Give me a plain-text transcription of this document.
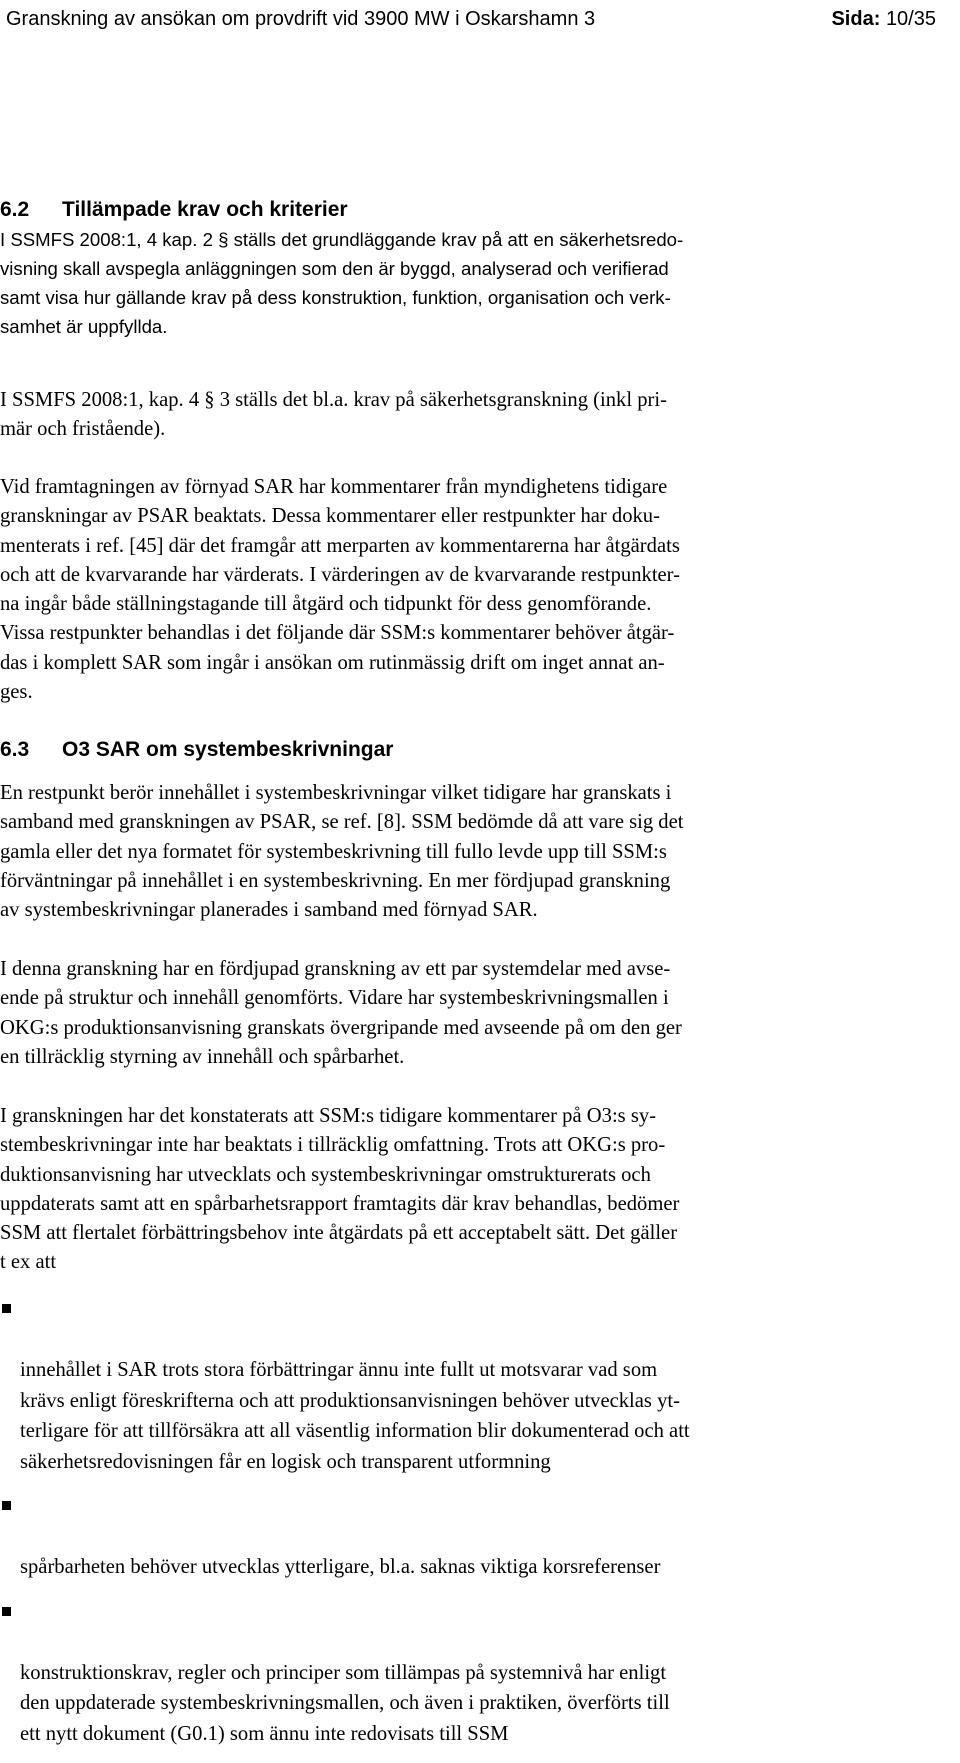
Granskning av ansökan om provdrift vid 3900 MW i Oskarshamn 3	Sida: 10/35
6.2 Tillämpade krav och kriterier

I SSMFS 2008:1, 4 kap. 2 § ställs det grundläggande krav på att en säkerhetsredo-
visning skall avspegla anläggningen som den är byggd, analyserad och verifierad
samt visa hur gällande krav på dess konstruktion, funktion, organisation och verk-
samhet är uppfyllda.

I SSMFS 2008:1, kap. 4 § 3 ställs det bl.a. krav på säkerhetsgranskning (inkl pri-
mär och fristående).

Vid framtagningen av förnyad SAR har kommentarer från myndighetens tidigare
granskningar av PSAR beaktats. Dessa kommentarer eller restpunkter har doku-
menterats i ref. [45] där det framgår att merparten av kommentarerna har åtgärdats
och att de kvarvarande har värderats. I värderingen av de kvarvarande restpunkter-
na ingår både ställningstagande till åtgärd och tidpunkt för dess genomförande.
Vissa restpunkter behandlas i det följande där SSM:s kommentarer behöver åtgär-
das i komplett SAR som ingår i ansökan om rutinmässig drift om inget annat an-
ges.

6.3 O3 SAR om systembeskrivningar

En restpunkt berör innehållet i systembeskrivningar vilket tidigare har granskats i
samband med granskningen av PSAR, se ref. [8]. SSM bedömde då att vare sig det
gamla eller det nya formatet för systembeskrivning till fullo levde upp till SSM:s
förväntningar på innehållet i en systembeskrivning. En mer fördjupad granskning
av systembeskrivningar planerades i samband med förnyad SAR.

I denna granskning har en fördjupad granskning av ett par systemdelar med avse-
ende på struktur och innehåll genomförts. Vidare har systembeskrivningsmallen i
OKG:s produktionsanvisning granskats övergripande med avseende på om den ger
en tillräcklig styrning av innehåll och spårbarhet.

I granskningen har det konstaterats att SSM:s tidigare kommentarer på O3:s sy-
stembeskrivningar inte har beaktats i tillräcklig omfattning. Trots att OKG:s pro-
duktionsanvisning har utvecklats och systembeskrivningar omstrukturerats och
uppdaterats samt att en spårbarhetsrapport framtagits där krav behandlas, bedömer
SSM att flertalet förbättringsbehov inte åtgärdats på ett acceptabelt sätt. Det gäller
t ex att

innehållet i SAR trots stora förbättringar ännu inte fullt ut motsvarar vad som
krävs enligt föreskrifterna och att produktionsanvisningen behöver utvecklas yt-
terligare för att tillförsäkra att all väsentlig information blir dokumenterad och att
säkerhetsredovisningen får en logisk och transparent utformning

spårbarheten behöver utvecklas ytterligare, bl.a. saknas viktiga korsreferenser

konstruktionskrav, regler och principer som tillämpas på systemnivå har enligt
den uppdaterade systembeskrivningsmallen, och även i praktiken, överförts till
ett nytt dokument (G0.1) som ännu inte redovisats till SSM
